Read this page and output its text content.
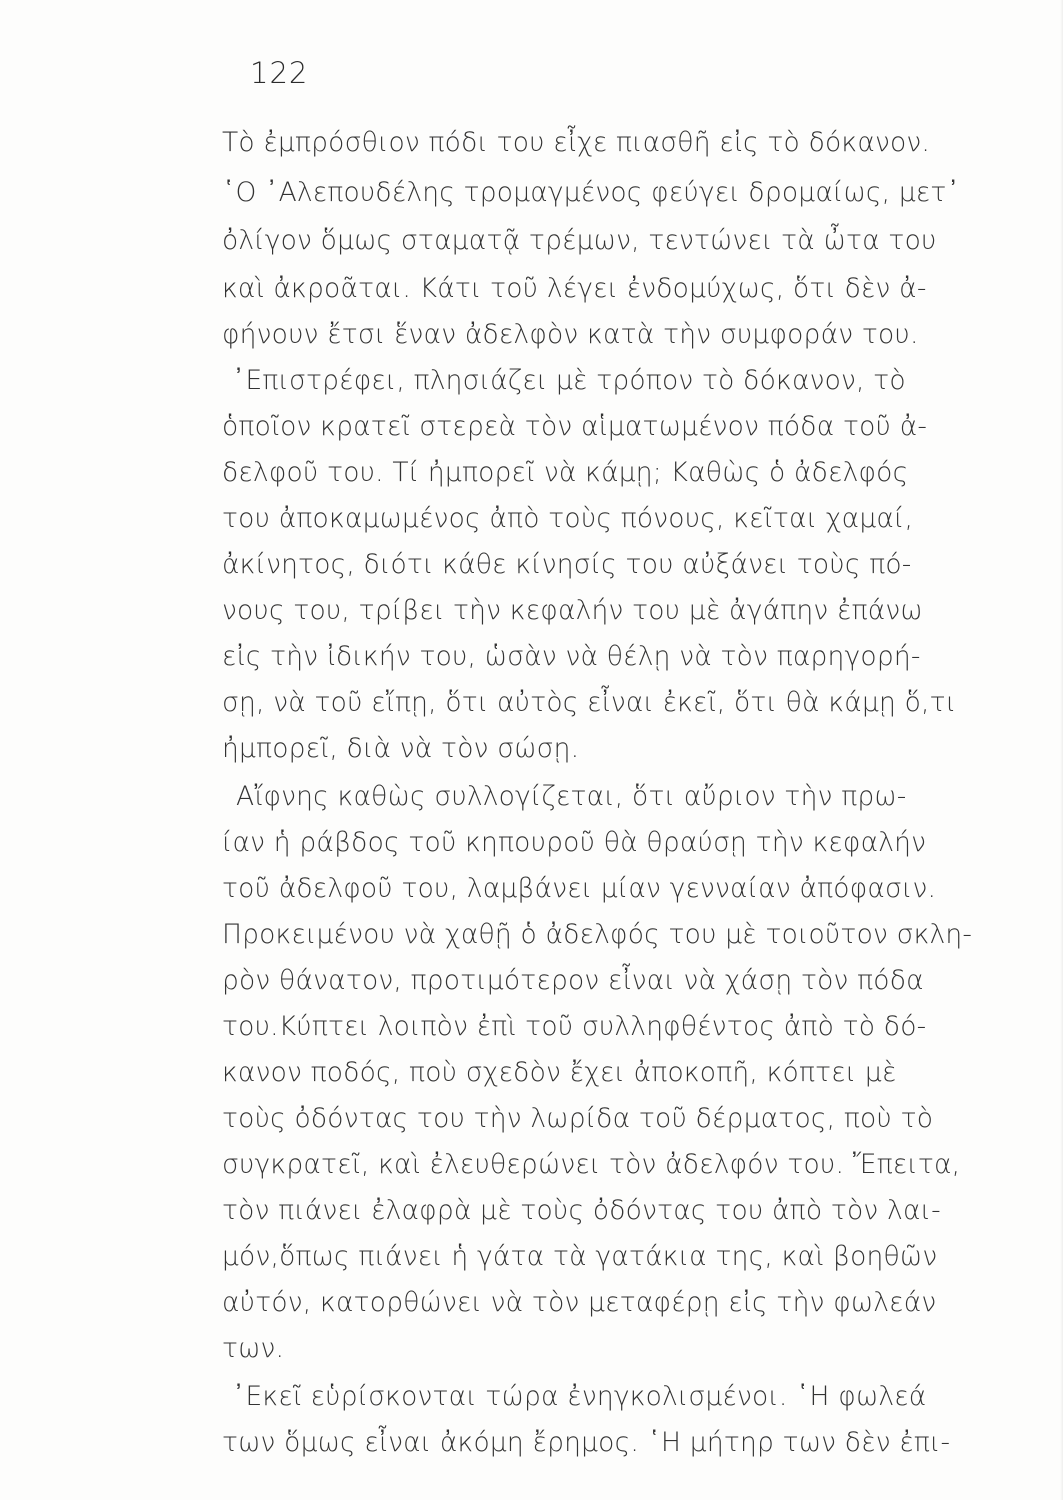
122
Τὸ ἐμπρόσθιον πόδι του εἶχε πιασθῆ εἰς τὸ δόκανον.
῾Ο ᾿Αλεπουδέλης τρομαγμένος φεύγει δρομαίως, μετ᾿
ὀλίγον ὅμως σταματᾷ τρέμων, τεντώνει τὰ ὦτα του
καὶ ἀκροᾶται. Κάτι τοῦ λέγει ἐνδομύχως, ὅτι δὲν ἀ-
φήνουν ἔτσι ἕναν ἀδελφὸν κατὰ τὴν συμφοράν του.
᾿Επιστρέφει, πλησιάζει μὲ τρόπον τὸ δόκανον, τὸ
ὁποῖον κρατεῖ στερεὰ τὸν αἱματωμένον πόδα τοῦ ἀ-
δελφοῦ του. Τί ἠμπορεῖ νὰ κάμῃ; Καθὼς ὁ ἀδελφός
του ἀποκαμωμένος ἀπὸ τοὺς πόνους, κεῖται χαμαί,
ἀκίνητος, διότι κάθε κίνησίς του αὐξάνει τοὺς πό-
νους του, τρίβει τὴν κεφαλήν του μὲ ἀγάπην ἐπάνω
εἰς τὴν ἰδικήν του, ὡσὰν νὰ θέλῃ νὰ τὸν παρηγορή-
σῃ, νὰ τοῦ εἴπῃ, ὅτι αὐτὸς εἶναι ἐκεῖ, ὅτι θὰ κάμῃ ὅ,τι
ἠμπορεῖ, διὰ νὰ τὸν σώσῃ.
Αἴφνης καθὼς συλλογίζεται, ὅτι αὔριον τὴν πρω-
ίαν ἡ ράβδος τοῦ κηπουροῦ θὰ θραύσῃ τὴν κεφαλήν
τοῦ ἀδελφοῦ του, λαμβάνει μίαν γενναίαν ἀπόφασιν.
Προκειμένου νὰ χαθῇ ὁ ἀδελφός του μὲ τοιοῦτον σκλη-
ρὸν θάνατον, προτιμότερον εἶναι νὰ χάσῃ τὸν πόδα
του.Κύπτει λοιπὸν ἐπὶ τοῦ συλληφθέντος ἀπὸ τὸ δό-
κανον ποδός, ποὺ σχεδὸν ἔχει ἀποκοπῆ, κόπτει μὲ
τοὺς ὀδόντας του τὴν λωρίδα τοῦ δέρματος, ποὺ τὸ
συγκρατεῖ, καὶ ἐλευθερώνει τὸν ἀδελφόν του. Ἔπειτα,
τὸν πιάνει ἐλαφρὰ μὲ τοὺς ὀδόντας του ἀπὸ τὸν λαι-
μόν,ὅπως πιάνει ἡ γάτα τὰ γατάκια της, καὶ βοηθῶν
αὐτόν, κατορθώνει νὰ τὸν μεταφέρῃ εἰς τὴν φωλεάν
των.
᾿Εκεῖ εὑρίσκονται τώρα ἐνηγκολισμένοι. ῾Η φωλεά
των ὅμως εἶναι ἀκόμη ἔρημος. ῾Η μήτηρ των δὲν ἐπι-
